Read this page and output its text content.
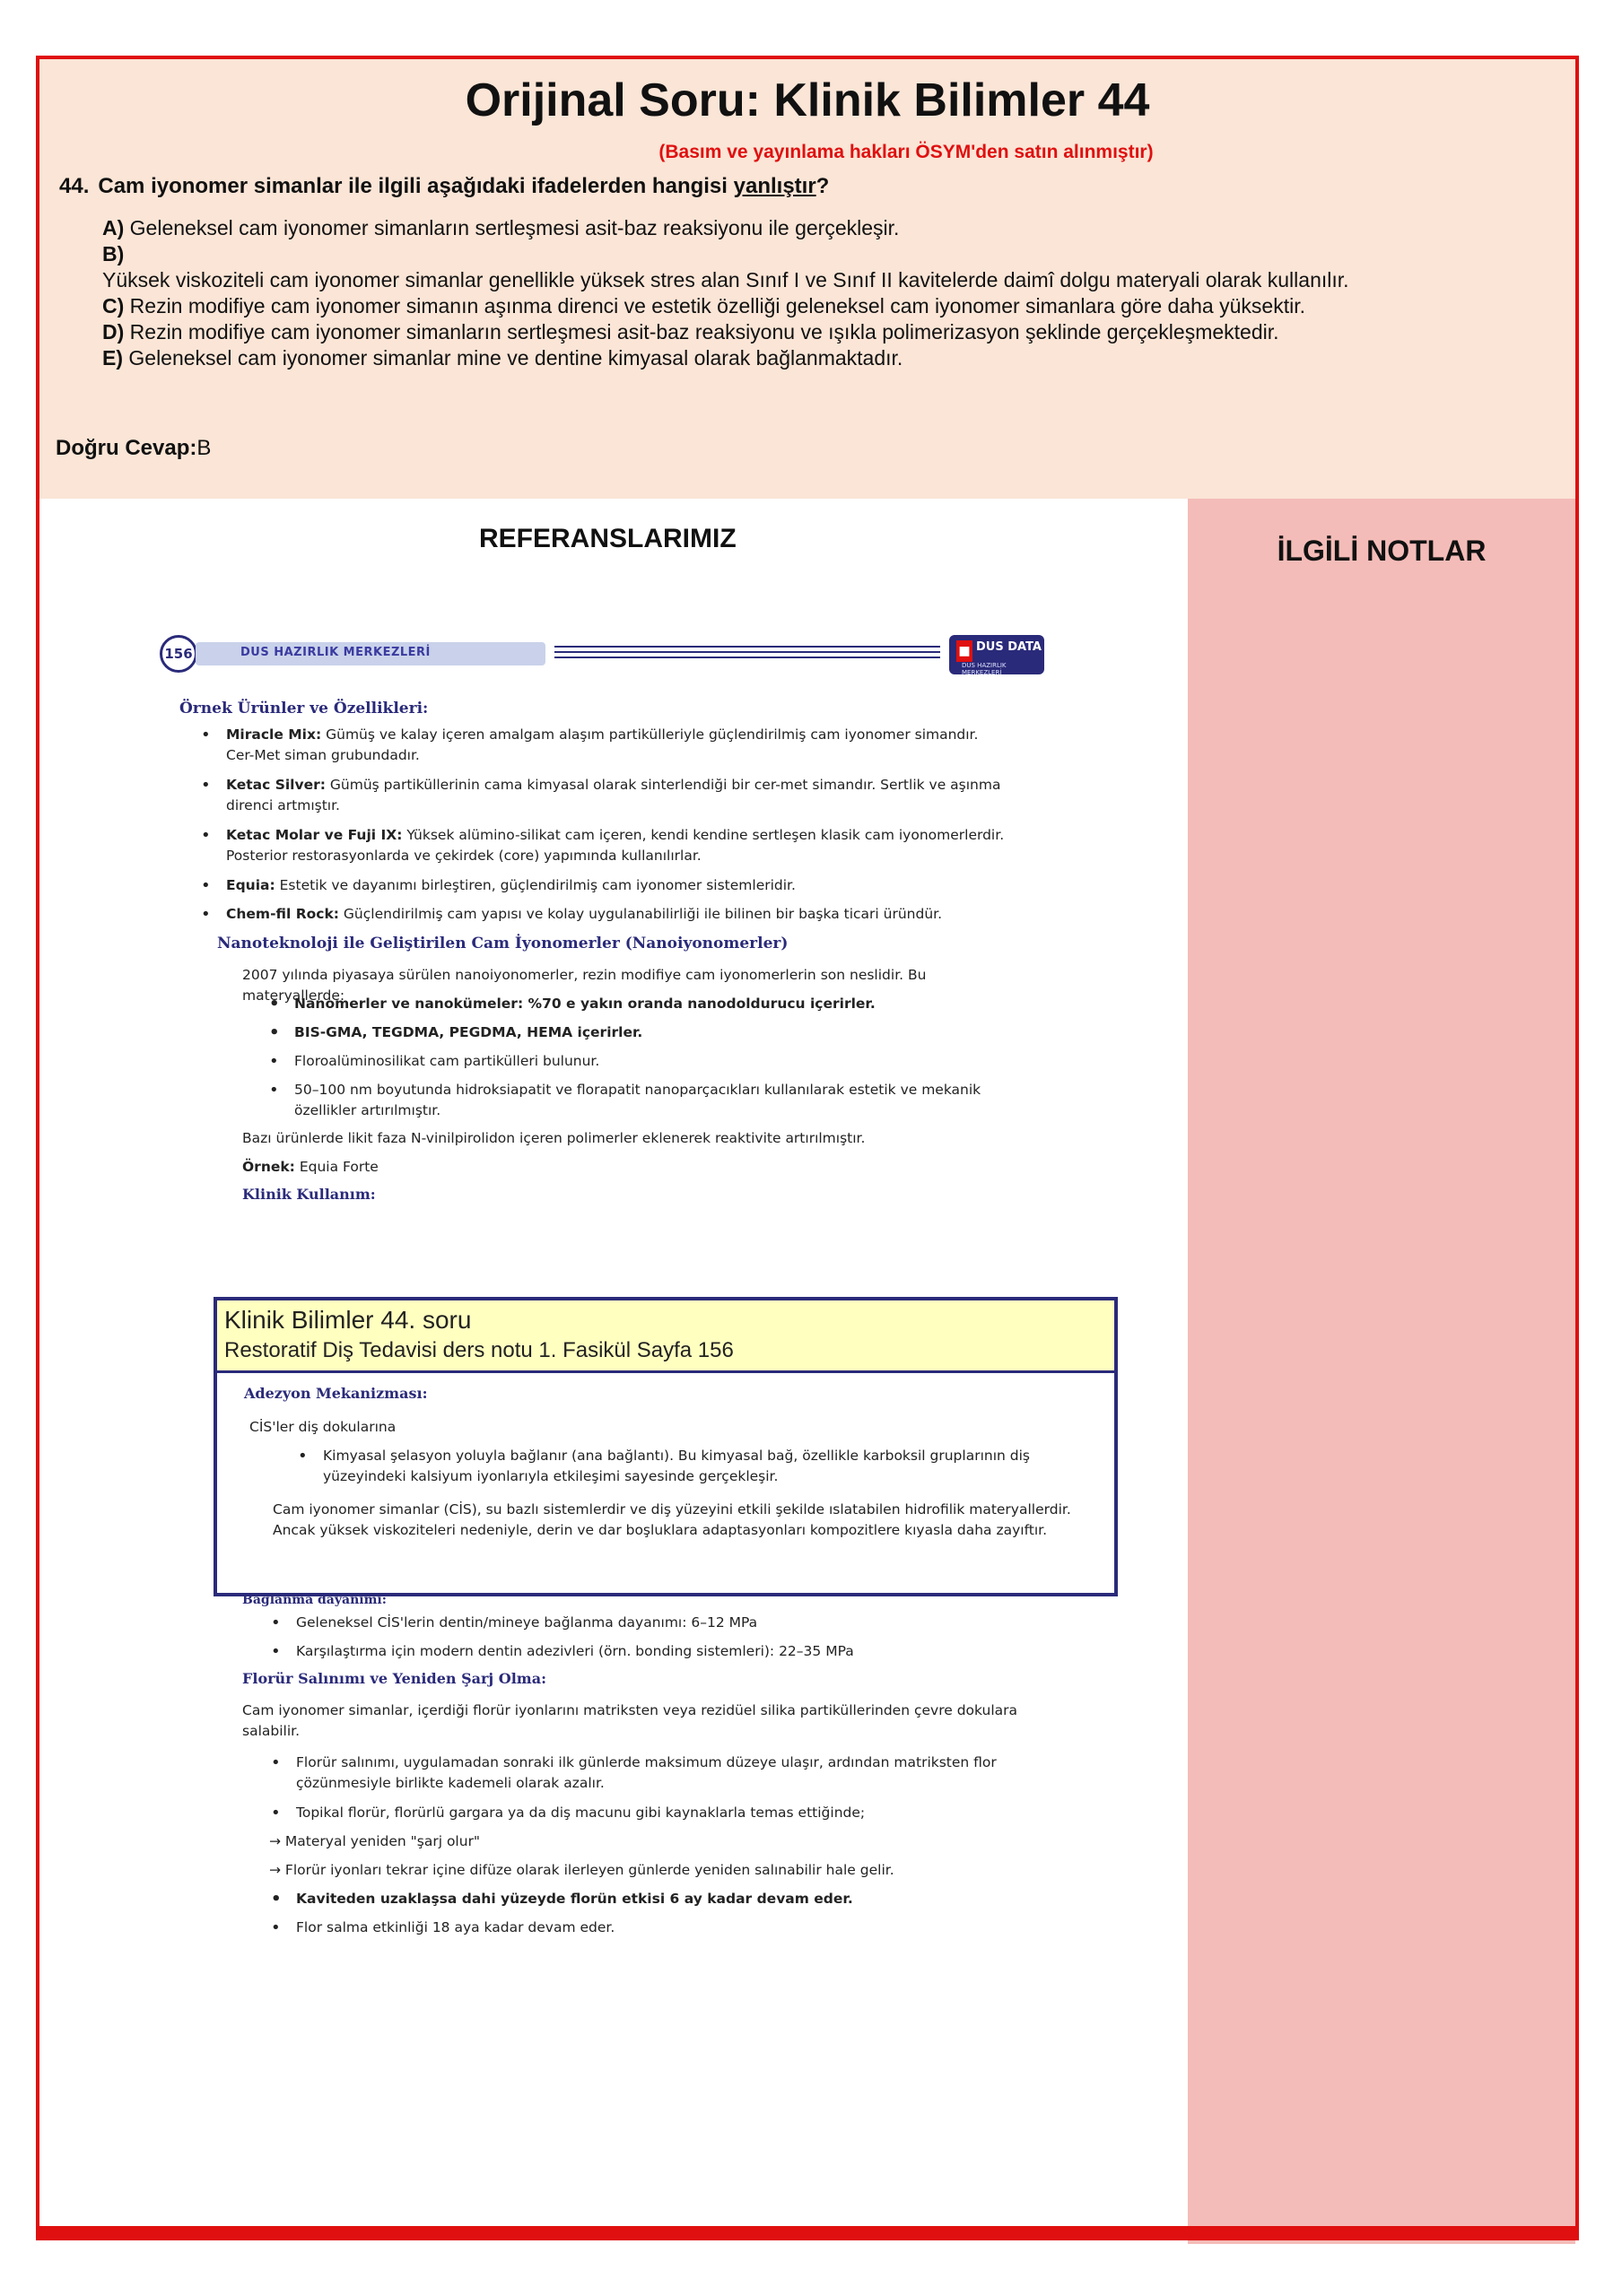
Orijinal Soru: Klinik Bilimler 44
(Basım ve yayınlama hakları ÖSYM'den satın alınmıştır)
44. Cam iyonomer simanlar ile ilgili aşağıdaki ifadelerden hangisi yanlıştır?
A) Geleneksel cam iyonomer simanların sertleşmesi asit-baz reaksiyonu ile gerçekleşir.
B)
Yüksek viskoziteli cam iyonomer simanlar genellikle yüksek stres alan Sınıf I ve Sınıf II kavitelerde daimî dolgu materyali olarak kullanılır.
C) Rezin modifiye cam iyonomer simanın aşınma direnci ve estetik özelliği geleneksel cam iyonomer simanlara göre daha yüksektir.
D) Rezin modifiye cam iyonomer simanların sertleşmesi asit-baz reaksiyonu ve ışıkla polimerizasyon şeklinde gerçekleşmektedir.
E) Geleneksel cam iyonomer simanlar mine ve dentine kimyasal olarak bağlanmaktadır.
Doğru Cevap:B
REFERANSLARIMIZ	İLGİLİ NOTLAR
156	DUS HAZIRLIK MERKEZLERİ	■ DUS DATA
DUS HAZIRLIK MERKEZLERİ
Örnek Ürünler ve Özellikleri:
• Miracle Mix: Gümüş ve kalay içeren amalgam alaşım partikülleriyle güçlendirilmiş cam iyonomer simandır. Cer-Met siman grubundadır.
• Ketac Silver: Gümüş partiküllerinin cama kimyasal olarak sinterlendiği bir cer-met simandır. Sertlik ve aşınma direnci artmıştır.
• Ketac Molar ve Fuji IX: Yüksek alümino-silikat cam içeren, kendi kendine sertleşen klasik cam iyonomerlerdir. Posterior restorasyonlarda ve çekirdek (core) yapımında kullanılırlar.
• Equia: Estetik ve dayanımı birleştiren, güçlendirilmiş cam iyonomer sistemleridir.
• Chem-fil Rock: Güçlendirilmiş cam yapısı ve kolay uygulanabilirliği ile bilinen bir başka ticari üründür.
Nanoteknoloji ile Geliştirilen Cam İyonomerler (Nanoiyonomerler)
2007 yılında piyasaya sürülen nanoiyonomerler, rezin modifiye cam iyonomerlerin son neslidir. Bu materyallerde:
• Nanomerler ve nanokümeler: %70 e yakın oranda nanodoldurucu içerirler.
• BIS-GMA, TEGDMA, PEGDMA, HEMA içerirler.
• Floroalüminosilikat cam partikülleri bulunur.
• 50–100 nm boyutunda hidroksiapatit ve florapatit nanoparçacıkları kullanılarak estetik ve mekanik özellikler artırılmıştır.
Bazı ürünlerde likit faza N-vinilpirolidon içeren polimerler eklenerek reaktivite artırılmıştır.
Örnek: Equia Forte
Klinik Kullanım:
Klinik Bilimler 44. soru
Restoratif Diş Tedavisi ders notu 1. Fasikül Sayfa 156
Adezyon Mekanizması:
CİS'ler diş dokularına
• Kimyasal şelasyon yoluyla bağlanır (ana bağlantı). Bu kimyasal bağ, özellikle karboksil gruplarının diş yüzeyindeki kalsiyum iyonlarıyla etkileşimi sayesinde gerçekleşir.
Cam iyonomer simanlar (CİS), su bazlı sistemlerdir ve diş yüzeyini etkili şekilde ıslatabilen hidrofilik materyallerdir. Ancak yüksek viskoziteleri nedeniyle, derin ve dar boşluklara adaptasyonları kompozitlere kıyasla daha zayıftır.
Bağlanma dayanımı:
• Geleneksel CİS'lerin dentin/mineye bağlanma dayanımı: 6–12 MPa
• Karşılaştırma için modern dentin adezivleri (örn. bonding sistemleri): 22–35 MPa
Florür Salınımı ve Yeniden Şarj Olma:
Cam iyonomer simanlar, içerdiği florür iyonlarını matriksten veya rezidüel silika partiküllerinden çevre dokulara salabilir.
• Florür salınımı, uygulamadan sonraki ilk günlerde maksimum düzeye ulaşır, ardından matriksten flor çözünmesiyle birlikte kademeli olarak azalır.
• Topikal florür, florürlü gargara ya da diş macunu gibi kaynaklarla temas ettiğinde;
→ Materyal yeniden "şarj olur"
→ Florür iyonları tekrar içine difüze olarak ilerleyen günlerde yeniden salınabilir hale gelir.
• Kaviteden uzaklaşsa dahi yüzeyde florün etkisi 6 ay kadar devam eder.
• Flor salma etkinliği 18 aya kadar devam eder.
